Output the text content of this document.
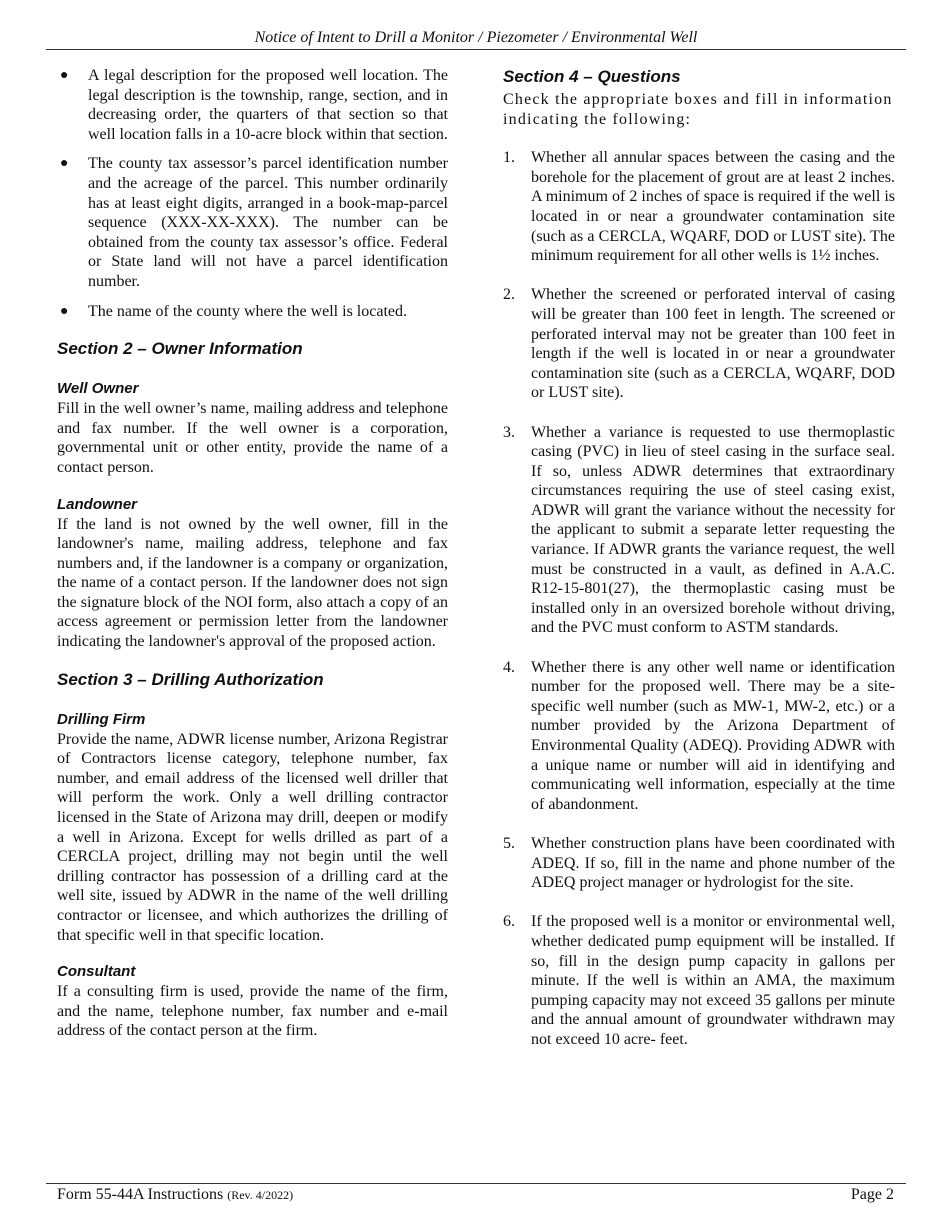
Notice of Intent to Drill a Monitor / Piezometer / Environmental Well
● A legal description for the proposed well location. The legal description is the township, range, section, and in decreasing order, the quarters of that section so that well location falls in a 10-acre block within that section.
● The county tax assessor’s parcel identification number and the acreage of the parcel. This number ordinarily has at least eight digits, arranged in a book-map-parcel sequence (XXX-XX-XXX). The number can be obtained from the county tax assessor’s office. Federal or State land will not have a parcel identification number.
● The name of the county where the well is located.
Section 2 – Owner Information
Well Owner

Fill in the well owner’s name, mailing address and telephone and fax number. If the well owner is a corporation, governmental unit or other entity, provide the name of a contact person.

Landowner

If the land is not owned by the well owner, fill in the landowner's name, mailing address, telephone and fax numbers and, if the landowner is a company or organization, the name of a contact person. If the landowner does not sign the signature block of the NOI form, also attach a copy of an access agreement or permission letter from the landowner indicating the landowner's approval of the proposed action.

Section 3 – Drilling Authorization
Drilling Firm

Provide the name, ADWR license number, Arizona Registrar of Contractors license category, telephone number, fax number, and email address of the licensed well driller that will perform the work. Only a well drilling contractor licensed in the State of Arizona may drill, deepen or modify a well in Arizona. Except for wells drilled as part of a CERCLA project, drilling may not begin until the well drilling contractor has possession of a drilling card at the well site, issued by ADWR in the name of the well drilling contractor or licensee, and which authorizes the drilling of that specific well in that specific location.

Consultant

If a consulting firm is used, provide the name of the firm, and the name, telephone number, fax number and e-mail address of the contact person at the firm.

Section 4 – Questions

Check the appropriate boxes and fill in information indicating the following:

1. Whether all annular spaces between the casing and the borehole for the placement of grout are at least 2 inches. A minimum of 2 inches of space is required if the well is located in or near a groundwater contamination site (such as a CERCLA, WQARF, DOD or LUST site). The minimum requirement for all other wells is 1½ inches.
2. Whether the screened or perforated interval of casing will be greater than 100 feet in length. The screened or perforated interval may not be greater than 100 feet in length if the well is located in or near a groundwater contamination site (such as a CERCLA, WQARF, DOD or LUST site).
3. Whether a variance is requested to use thermoplastic casing (PVC) in lieu of steel casing in the surface seal. If so, unless ADWR determines that extraordinary circumstances requiring the use of steel casing exist, ADWR will grant the variance without the necessity for the applicant to submit a separate letter requesting the variance. If ADWR grants the variance request, the well must be constructed in a vault, as defined in A.A.C. R12-15-801(27), the thermoplastic casing must be installed only in an oversized borehole without driving, and the PVC must conform to ASTM standards.
4. Whether there is any other well name or identification number for the proposed well. There may be a site-specific well number (such as MW-1, MW-2, etc.) or a number provided by the Arizona Department of Environmental Quality (ADEQ). Providing ADWR with a unique name or number will aid in identifying and communicating well information, especially at the time of abandonment.
5. Whether construction plans have been coordinated with ADEQ. If so, fill in the name and phone number of the ADEQ project manager or hydrologist for the site.
6. If the proposed well is a monitor or environmental well, whether dedicated pump equipment will be installed. If so, fill in the design pump capacity in gallons per minute. If the well is within an AMA, the maximum pumping capacity may not exceed 35 gallons per minute and the annual amount of groundwater withdrawn may not exceed 10 acre- feet.
Form 55-44A Instructions (Rev. 4/2022)	Page 2
